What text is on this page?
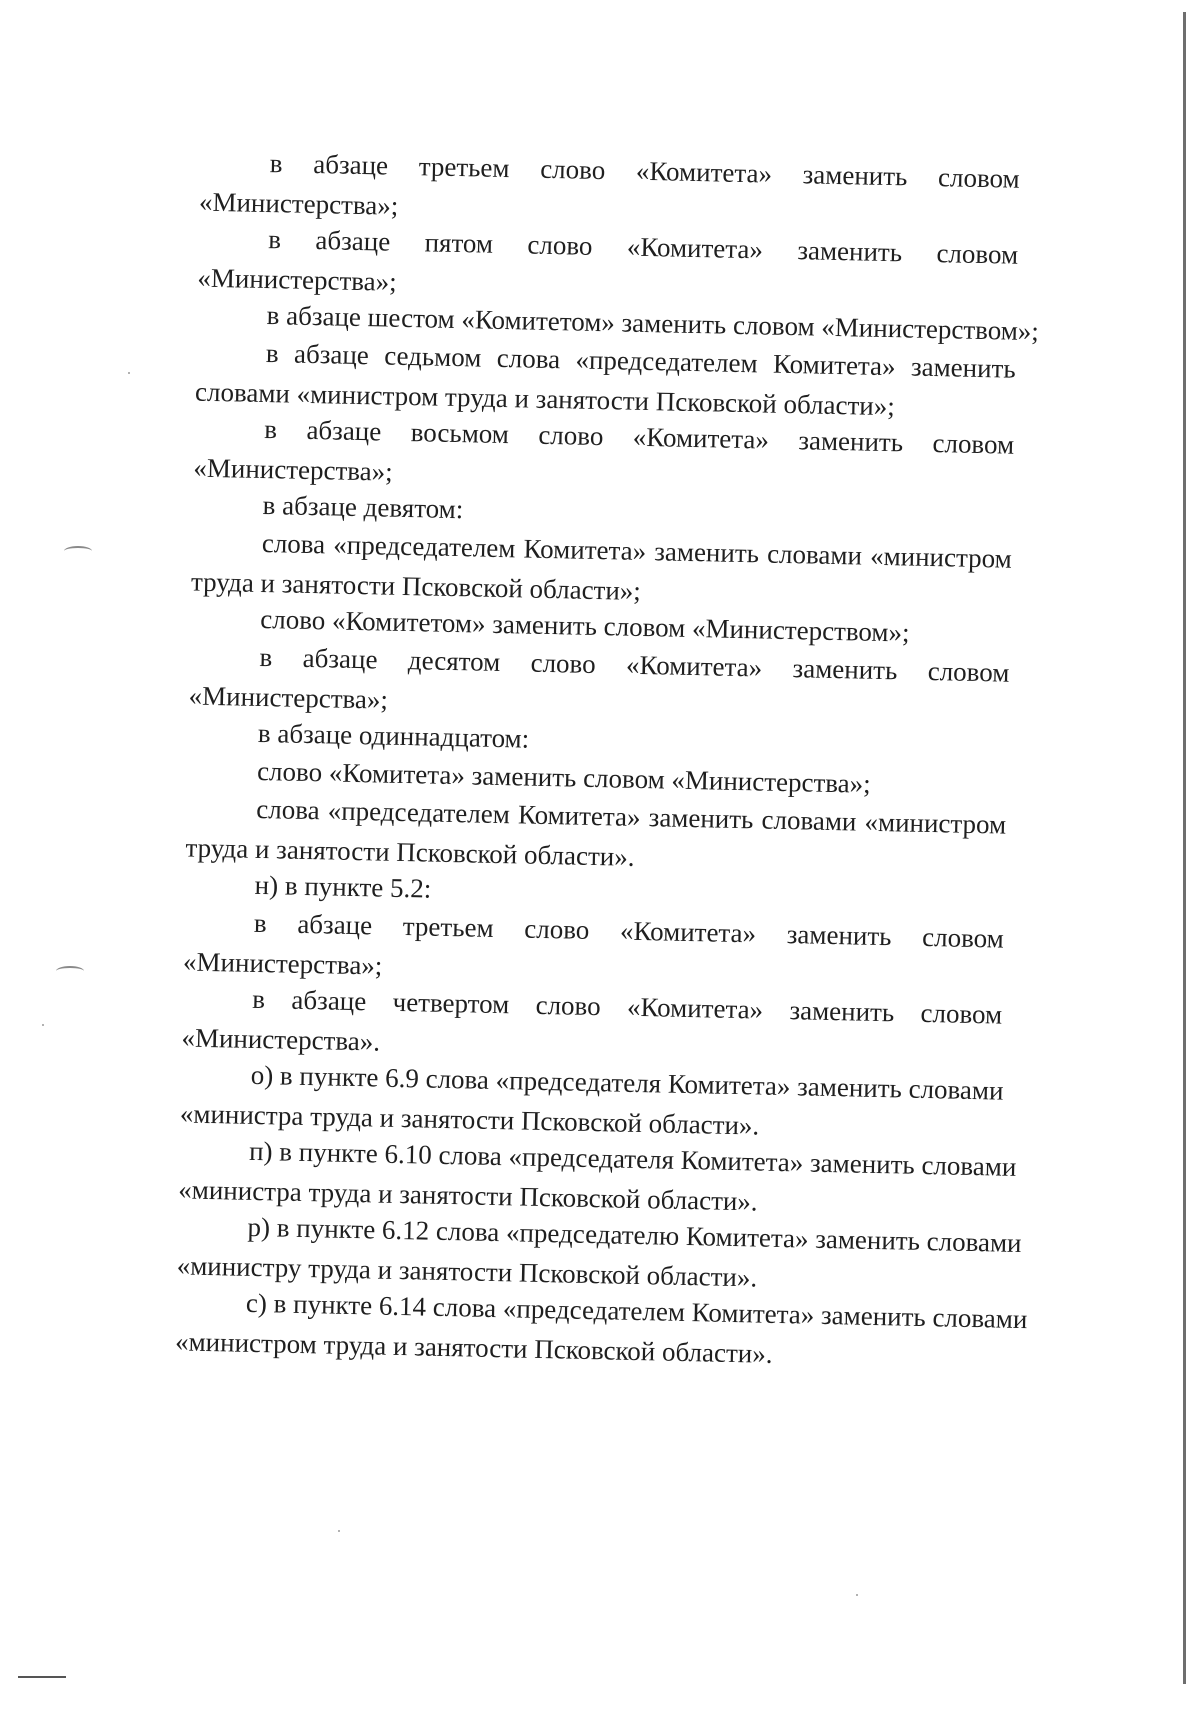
в абзаце третьем слово «Комитета» заменить словом
«Министерства»;
в абзаце пятом слово «Комитета» заменить словом
«Министерства»;
в абзаце шестом «Комитетом» заменить словом «Министерством»;
в абзаце седьмом слова «председателем Комитета» заменить
словами «министром труда и занятости Псковской области»;
в абзаце восьмом слово «Комитета» заменить словом
«Министерства»;
в абзаце девятом:
слова «председателем Комитета» заменить словами «министром
труда и занятости Псковской области»;
слово «Комитетом» заменить словом «Министерством»;
в абзаце десятом слово «Комитета» заменить словом
«Министерства»;
в абзаце одиннадцатом:
слово «Комитета» заменить словом «Министерства»;
слова «председателем Комитета» заменить словами «министром
труда и занятости Псковской области».
н) в пункте 5.2:
в абзаце третьем слово «Комитета» заменить словом
«Министерства»;
в абзаце четвертом слово «Комитета» заменить словом
«Министерства».
о) в пункте 6.9 слова «председателя Комитета» заменить словами
«министра труда и занятости Псковской области».
п) в пункте 6.10 слова «председателя Комитета» заменить словами
«министра труда и занятости Псковской области».
р) в пункте 6.12 слова «председателю Комитета» заменить словами
«министру труда и занятости Псковской области».
с) в пункте 6.14 слова «председателем Комитета» заменить словами
«министром труда и занятости Псковской области».
